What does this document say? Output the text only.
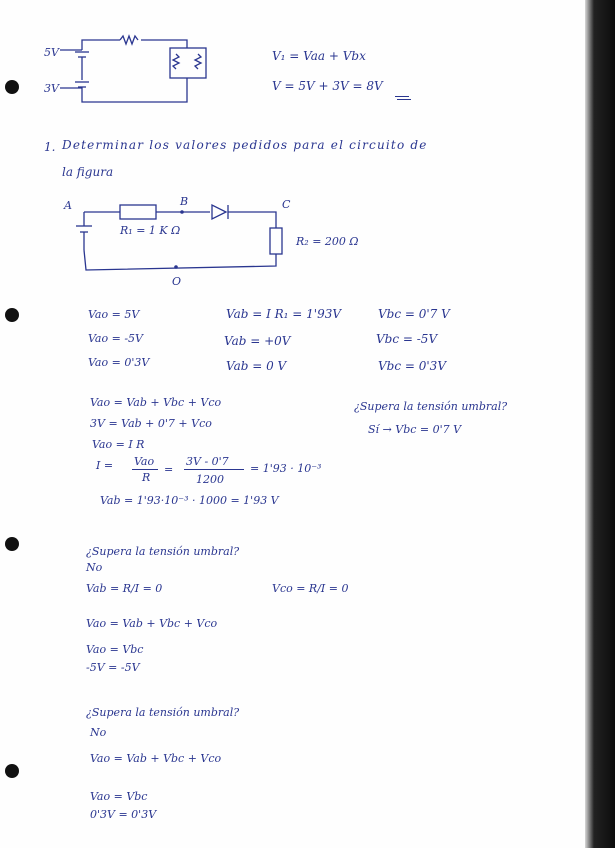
5V
3V
V₁ = Vaa + Vbx
V = 5V + 3V = 8V
1. Determinar los valores pedidos para el circuito de
la figura
A	B	C
O
R₁ = 1 K Ω
R₂ = 200 Ω
Vao = 5V
Vao = -5V
Vao = 0'3V
Vab = I R₁ = 1'93V
Vab = +0V
Vab = 0 V
Vbc = 0'7 V
Vbc = -5V
Vbc = 0'3V
Vao = Vab + Vbc + Vco
3V = Vab + 0'7 + Vco
Vao = I R
I = Vao
R
=
3V - 0'7
1200
= 1'93 · 10⁻³
Vab = 1'93·10⁻³ · 1000 = 1'93 V
¿Supera la tensión umbral?
Sí → Vbc = 0'7 V
¿Supera la tensión umbral?
No
Vab = R/I = 0	Vco = R/I = 0
Vao = Vab + Vbc + Vco
Vao = Vbc
-5V = -5V
¿Supera la tensión umbral?
No
Vao = Vab + Vbc + Vco
Vao = Vbc
0'3V = 0'3V
